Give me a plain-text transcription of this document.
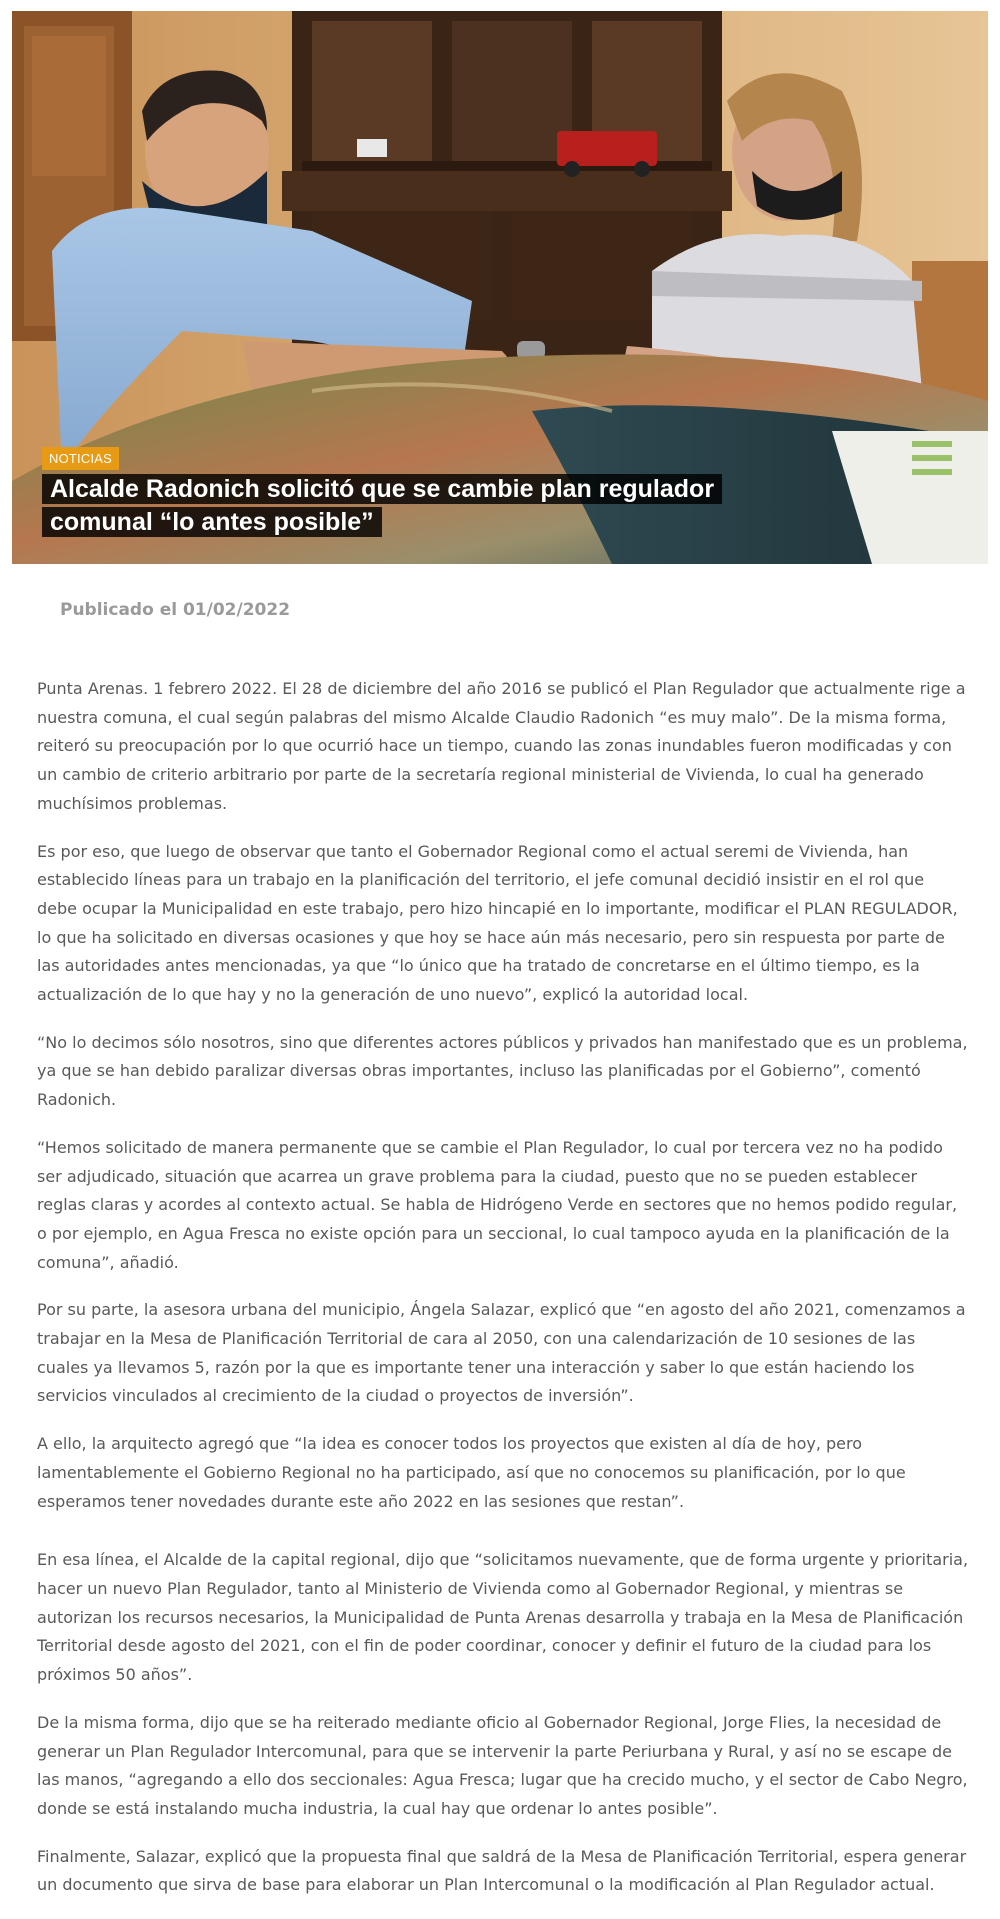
NOTICIAS
Alcalde Radonich solicitó que se cambie plan regulador comunal “lo antes posible”

Publicado el 01/02/2022

Punta Arenas. 1 febrero 2022. El 28 de diciembre del año 2016 se publicó el Plan Regulador que actualmente rige a nuestra comuna, el cual según palabras del mismo Alcalde Claudio Radonich “es muy malo”. De la misma forma, reiteró su preocupación por lo que ocurrió hace un tiempo, cuando las zonas inundables fueron modificadas y con un cambio de criterio arbitrario por parte de la secretaría regional ministerial de Vivienda, lo cual ha generado muchísimos problemas.

Es por eso, que luego de observar que tanto el Gobernador Regional como el actual seremi de Vivienda, han establecido líneas para un trabajo en la planificación del territorio, el jefe comunal decidió insistir en el rol que debe ocupar la Municipalidad en este trabajo, pero hizo hincapié en lo importante, modificar el PLAN REGULADOR, lo que ha solicitado en diversas ocasiones y que hoy se hace aún más necesario, pero sin respuesta por parte de las autoridades antes mencionadas, ya que “lo único que ha tratado de concretarse en el último tiempo, es la actualización de lo que hay y no la generación de uno nuevo”, explicó la autoridad local.

“No lo decimos sólo nosotros, sino que diferentes actores públicos y privados han manifestado que es un problema, ya que se han debido paralizar diversas obras importantes, incluso las planificadas por el Gobierno”, comentó Radonich.

“Hemos solicitado de manera permanente que se cambie el Plan Regulador, lo cual por tercera vez no ha podido ser adjudicado, situación que acarrea un grave problema para la ciudad, puesto que no se pueden establecer reglas claras y acordes al contexto actual. Se habla de Hidrógeno Verde en sectores que no hemos podido regular, o por ejemplo, en Agua Fresca no existe opción para un seccional, lo cual tampoco ayuda en la planificación de la comuna”, añadió.

Por su parte, la asesora urbana del municipio, Ángela Salazar, explicó que “en agosto del año 2021, comenzamos a trabajar en la Mesa de Planificación Territorial de cara al 2050, con una calendarización de 10 sesiones de las cuales ya llevamos 5, razón por la que es importante tener una interacción y saber lo que están haciendo los servicios vinculados al crecimiento de la ciudad o proyectos de inversión”.

A ello, la arquitecto agregó que “la idea es conocer todos los proyectos que existen al día de hoy, pero lamentablemente el Gobierno Regional no ha participado, así que no conocemos su planificación, por lo que esperamos tener novedades durante este año 2022 en las sesiones que restan”.

En esa línea, el Alcalde de la capital regional, dijo que “solicitamos nuevamente, que de forma urgente y prioritaria, hacer un nuevo Plan Regulador, tanto al Ministerio de Vivienda como al Gobernador Regional, y mientras se autorizan los recursos necesarios, la Municipalidad de Punta Arenas desarrolla y trabaja en la Mesa de Planificación Territorial desde agosto del 2021, con el fin de poder coordinar, conocer y definir el futuro de la ciudad para los próximos 50 años”.

De la misma forma, dijo que se ha reiterado mediante oficio al Gobernador Regional, Jorge Flies, la necesidad de generar un Plan Regulador Intercomunal, para que se intervenir la parte Periurbana y Rural, y así no se escape de las manos, “agregando a ello dos seccionales: Agua Fresca; lugar que ha crecido mucho, y el sector de Cabo Negro, donde se está instalando mucha industria, la cual hay que ordenar lo antes posible”.

Finalmente, Salazar, explicó que la propuesta final que saldrá de la Mesa de Planificación Territorial, espera generar un documento que sirva de base para elaborar un Plan Intercomunal o la modificación al Plan Regulador actual.
